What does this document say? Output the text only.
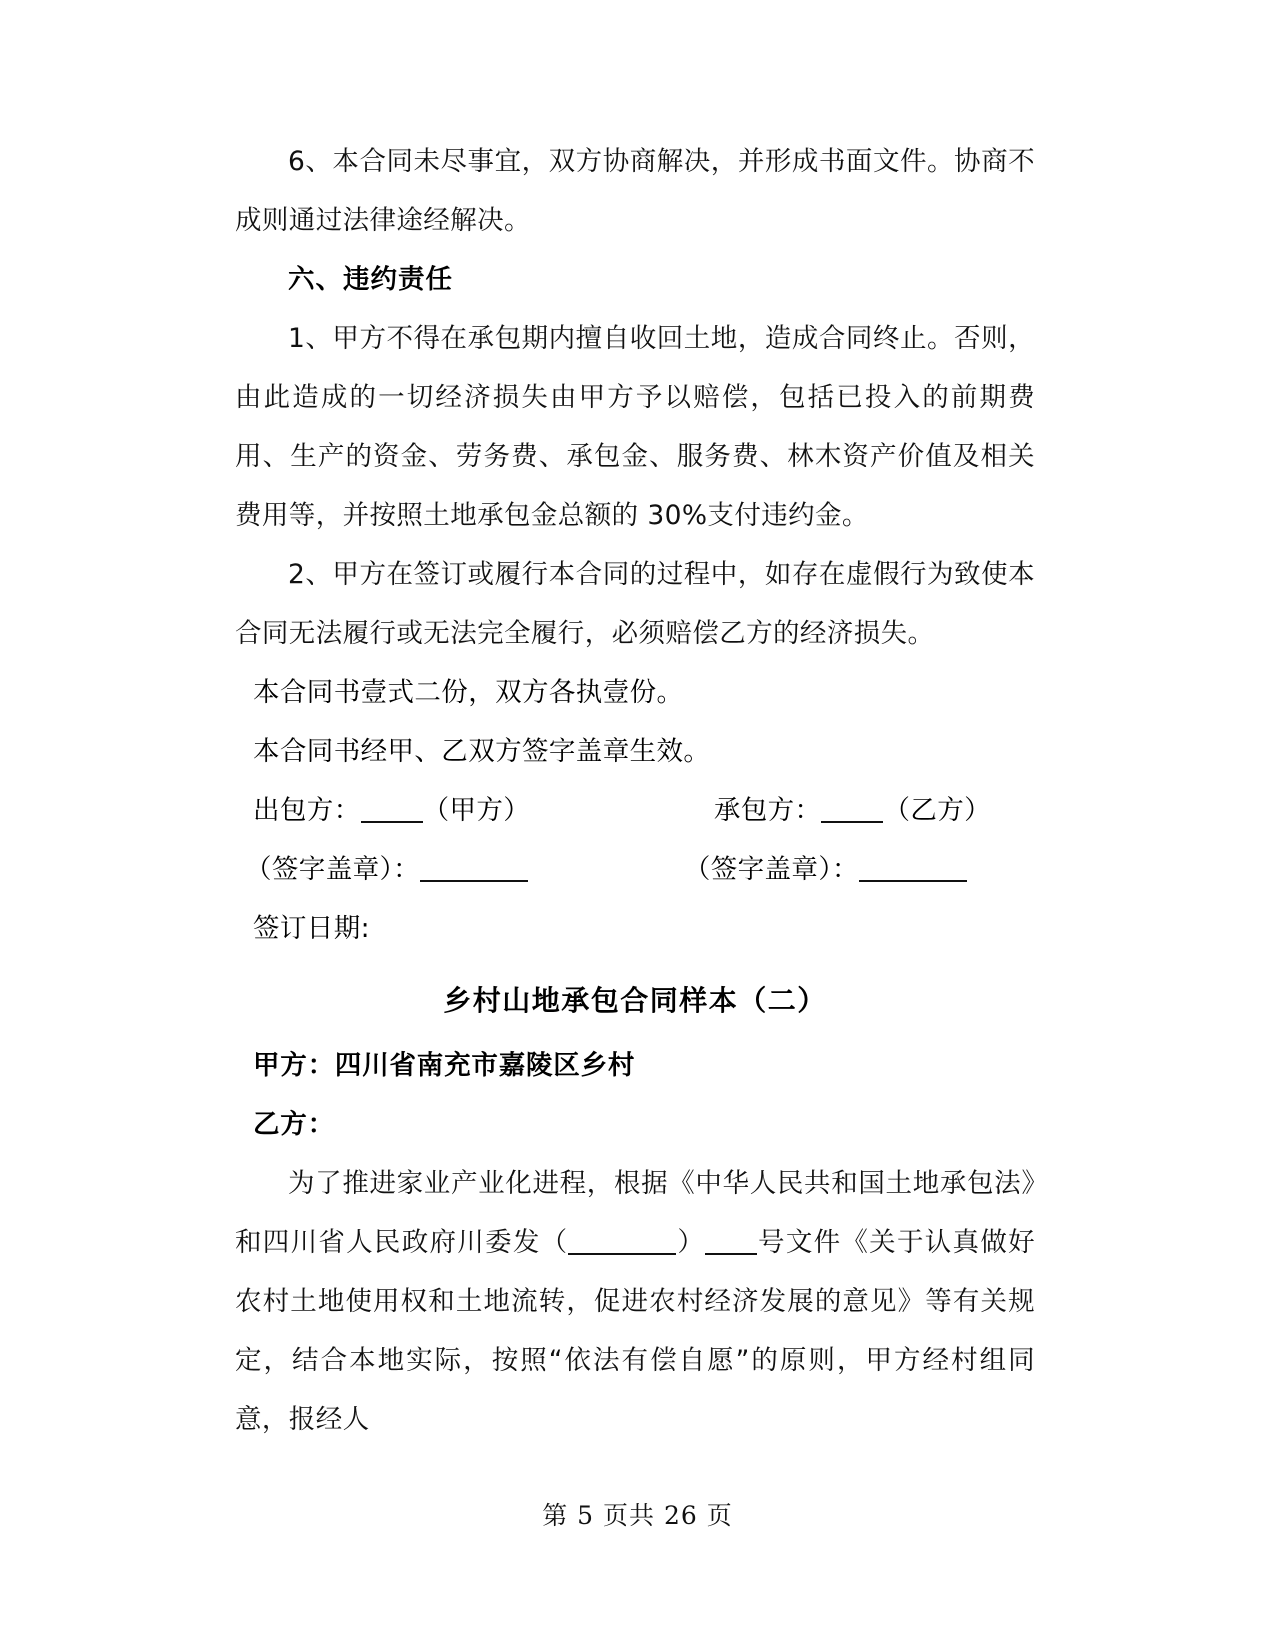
6、本合同未尽事宜，双方协商解决，并形成书面文件。协商不成则通过法律途经解决。

六、违约责任

1、甲方不得在承包期内擅自收回土地，造成合同终止。否则，由此造成的一切经济损失由甲方予以赔偿，包括已投入的前期费用、生产的资金、劳务费、承包金、服务费、林木资产价值及相关费用等，并按照土地承包金总额的 30%支付违约金。

2、甲方在签订或履行本合同的过程中，如存在虚假行为致使本合同无法履行或无法完全履行，必须赔偿乙方的经济损失。

本合同书壹式二份，双方各执壹份。

本合同书经甲、乙双方签字盖章生效。

出包方： （甲方）	承包方： （乙方）
（签字盖章）：	（签字盖章）：

签订日期:

乡村山地承包合同样本（二）

甲方：四川省南充市嘉陵区乡村

乙方：

为了推进家业产业化进程，根据《中华人民共和国土地承包法》和四川省人民政府川委发（	） 号文件《关于认真做好农村土地使用权和土地流转，促进农村经济发展的意见》等有关规定，结合本地实际，按照“依法有偿自愿”的原则，甲方经村组同意，报经人

第 5 页共 26 页
